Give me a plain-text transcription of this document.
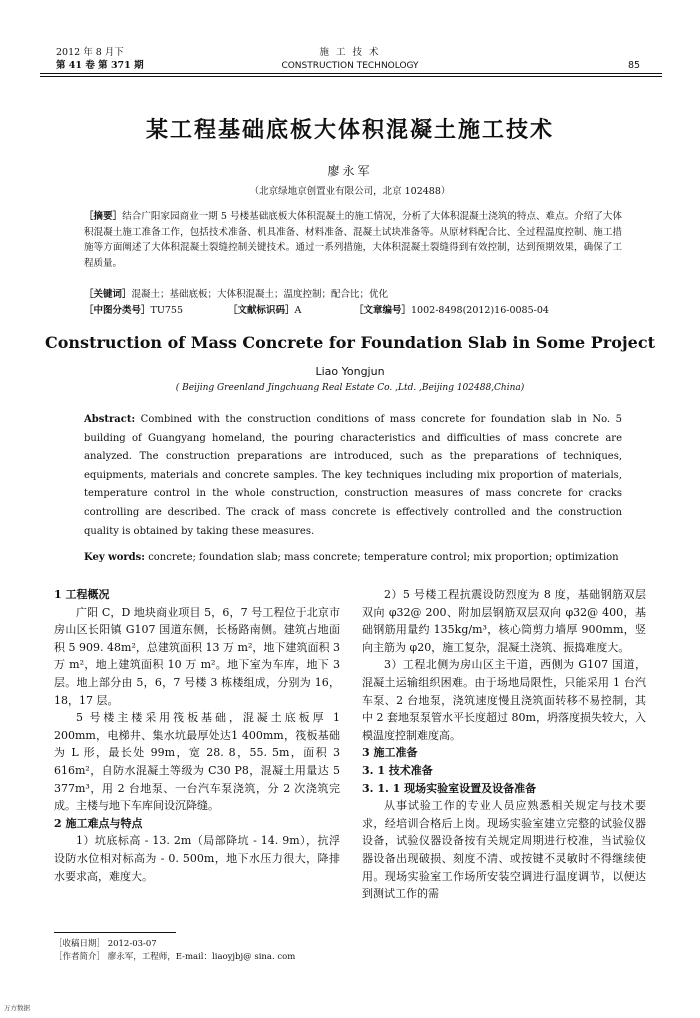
2012 年 8 月下
第 41 卷 第 371 期
施 工 技 术
CONSTRUCTION TECHNOLOGY	85
某工程基础底板大体积混凝土施工技术
廖永军
（北京绿地京创置业有限公司，北京 102488）
［摘要］结合广阳家园商业一期 5 号楼基础底板大体积混凝土的施工情况，分析了大体积混凝土浇筑的特点、难点。介绍了大体积混凝土施工准备工作，包括技术准备、机具准备、材料准备、混凝土试块准备等。从原材料配合比、全过程温度控制、施工措施等方面阐述了大体积混凝土裂缝控制关键技术。通过一系列措施，大体积混凝土裂缝得到有效控制，达到预期效果，确保了工程质量。
［关键词］混凝土；基础底板；大体积混凝土；温度控制；配合比；优化
［中图分类号］TU755	［文献标识码］A	［文章编号］1002-8498(2012)16-0085-04
Construction of Mass Concrete for Foundation Slab in Some Project
Liao Yongjun
( Beijing Greenland Jingchuang Real Estate Co. ,Ltd. ,Beijing 102488,China)
Abstract: Combined with the construction conditions of mass concrete for foundation slab in No. 5 building of Guangyang homeland, the pouring characteristics and difficulties of mass concrete are analyzed. The construction preparations are introduced, such as the preparations of techniques, equipments, materials and concrete samples. The key techniques including mix proportion of materials, temperature control in the whole construction, construction measures of mass concrete for cracks controlling are described. The crack of mass concrete is effectively controlled and the construction quality is obtained by taking these measures.
Key words: concrete; foundation slab; mass concrete; temperature control; mix proportion; optimization

1 工程概况

广阳 C，D 地块商业项目 5，6，7 号工程位于北京市房山区长阳镇 G107 国道东侧，长杨路南侧。建筑占地面积 5 909. 48m²，总建筑面积 13 万 m²，地下建筑面积 3 万 m²，地上建筑面积 10 万 m²。地下室为车库，地下 3 层。地上部分由 5，6，7 号楼 3 栋楼组成，分别为 16，18，17 层。

5 号楼主楼采用筏板基础，混凝土底板厚 1 200mm，电梯井、集水坑最厚处达1 400mm，筏板基础为 L 形，最长处 99m，宽 28. 8，55. 5m，面积 3 616m²，自防水混凝土等级为 C30 P8，混凝土用量达 5 377m³，用 2 台地泵、一台汽车泵浇筑，分 2 次浇筑完成。主楼与地下车库间设沉降缝。

2 施工难点与特点

1）坑底标高 - 13. 2m（局部降坑 - 14. 9m），抗浮设防水位相对标高为 - 0. 500m，地下水压力很大，降排水要求高，难度大。

2）5 号楼工程抗震设防烈度为 8 度，基础钢筋双层双向 φ32@ 200、附加层钢筋双层双向 φ32@ 400，基础钢筋用量约 135kg/m³，核心筒剪力墙厚 900mm，竖向主筋为 φ20，施工复杂，混凝土浇筑、振捣难度大。

3）工程北侧为房山区主干道，西侧为 G107 国道，混凝土运输组织困难。由于场地局限性，只能采用 1 台汽车泵、2 台地泵，浇筑速度慢且浇筑面转移不易控制，其中 2 套地泵泵管水平长度超过 80m，坍落度损失较大，入模温度控制难度高。

3 施工准备

3. 1 技术准备

3. 1. 1 现场实验室设置及设备准备

从事试验工作的专业人员应熟悉相关规定与技术要求，经培训合格后上岗。现场实验室建立完整的试验仪器设备，试验仪器设备按有关规定周期进行校准，当试验仪器设备出现破损、刻度不清、或按键不灵敏时不得继续使用。现场实验室工作场所安装空调进行温度调节，以便达到测试工作的需

［收稿日期］ 2012-03-07
［作者简介］ 廖永军，工程师，E-mail：liaoyjbj@ sina. com
万方数据
